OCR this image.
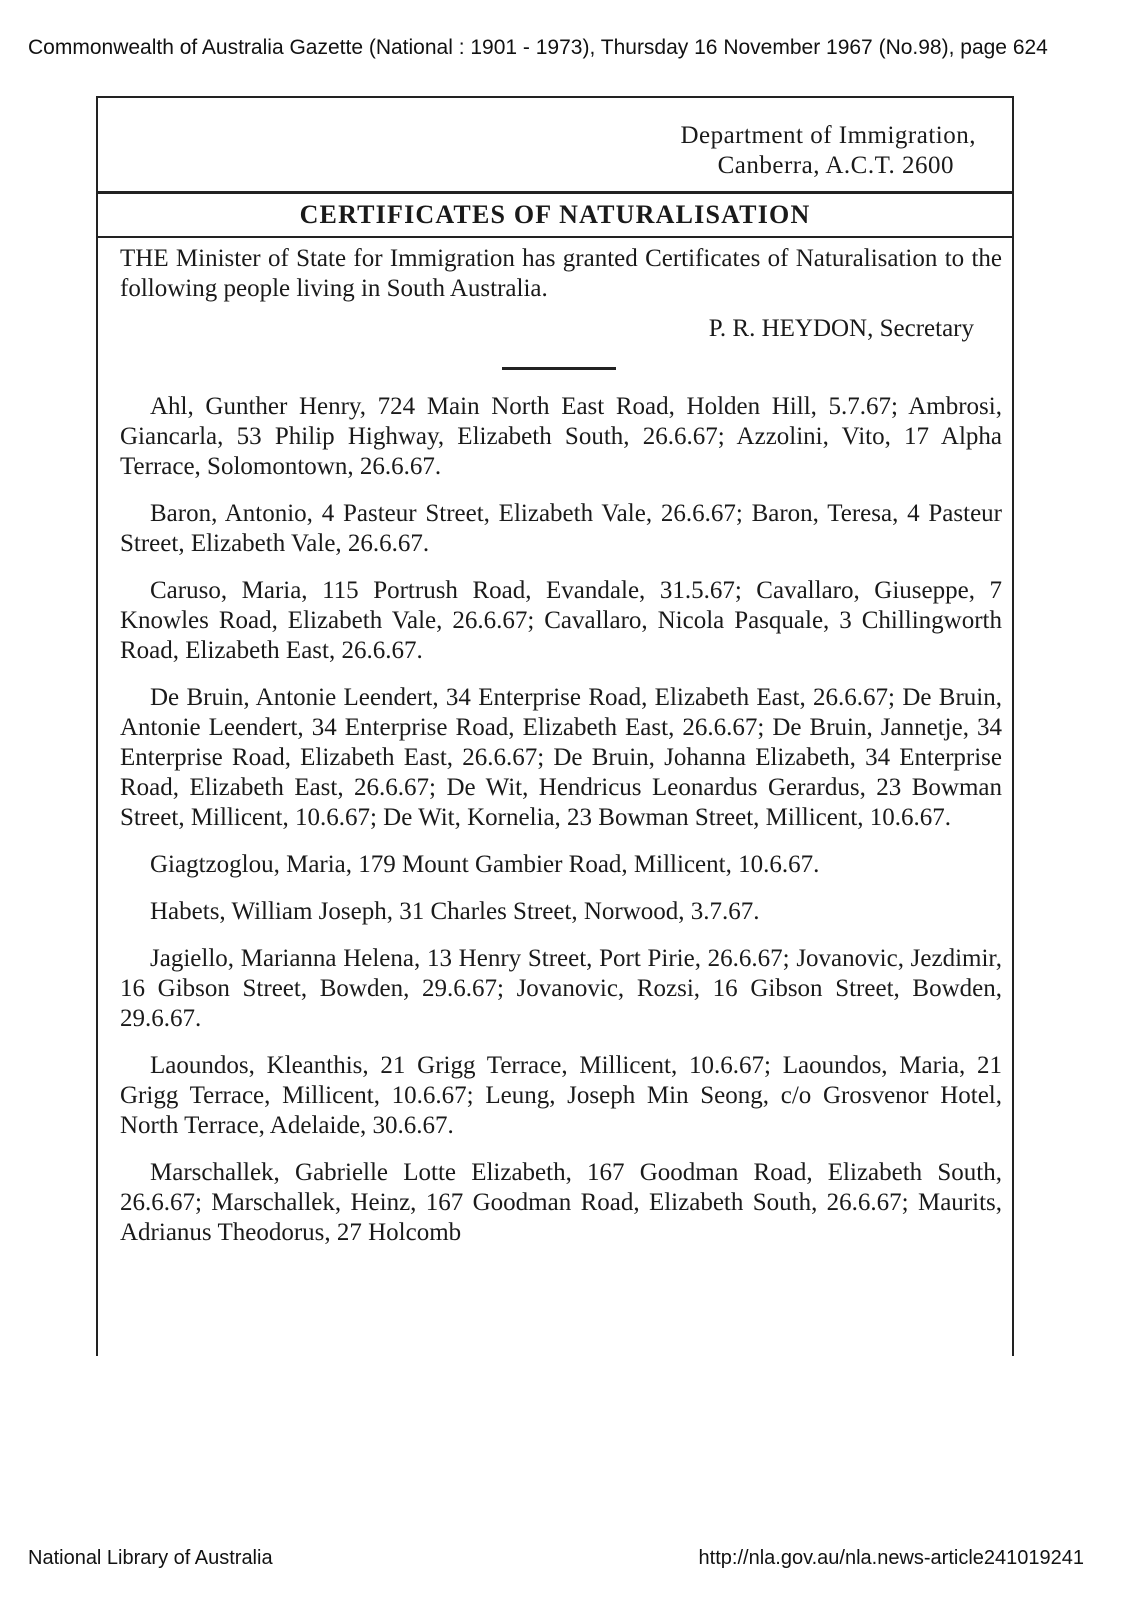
Commonwealth of Australia Gazette (National : 1901 - 1973), Thursday 16 November 1967 (No.98), page 624
Department of Immigration,
Canberra, A.C.T. 2600
CERTIFICATES OF NATURALISATION

THE Minister of State for Immigration has granted Certificates of Naturalisation to the following people living in South Australia.

P. R. HEYDON, Secretary

Ahl, Gunther Henry, 724 Main North East Road, Holden Hill, 5.7.67; Ambrosi, Giancarla, 53 Philip Highway, Elizabeth South, 26.6.67; Azzolini, Vito, 17 Alpha Terrace, Solomontown, 26.6.67.

Baron, Antonio, 4 Pasteur Street, Elizabeth Vale, 26.6.67; Baron, Teresa, 4 Pasteur Street, Elizabeth Vale, 26.6.67.

Caruso, Maria, 115 Portrush Road, Evandale, 31.5.67; Cavallaro, Giuseppe, 7 Knowles Road, Elizabeth Vale, 26.6.67; Cavallaro, Nicola Pasquale, 3 Chillingworth Road, Elizabeth East, 26.6.67.

De Bruin, Antonie Leendert, 34 Enterprise Road, Elizabeth East, 26.6.67; De Bruin, Antonie Leendert, 34 Enterprise Road, Elizabeth East, 26.6.67; De Bruin, Jannetje, 34 Enterprise Road, Elizabeth East, 26.6.67; De Bruin, Johanna Elizabeth, 34 Enterprise Road, Elizabeth East, 26.6.67; De Wit, Hendricus Leonardus Gerardus, 23 Bowman Street, Millicent, 10.6.67; De Wit, Kornelia, 23 Bowman Street, Millicent, 10.6.67.

Giagtzoglou, Maria, 179 Mount Gambier Road, Millicent, 10.6.67.

Habets, William Joseph, 31 Charles Street, Norwood, 3.7.67.

Jagiello, Marianna Helena, 13 Henry Street, Port Pirie, 26.6.67; Jovanovic, Jezdimir, 16 Gibson Street, Bowden, 29.6.67; Jovanovic, Rozsi, 16 Gibson Street, Bowden, 29.6.67.

Laoundos, Kleanthis, 21 Grigg Terrace, Millicent, 10.6.67; Laoundos, Maria, 21 Grigg Terrace, Millicent, 10.6.67; Leung, Joseph Min Seong, c/o Grosvenor Hotel, North Terrace, Adelaide, 30.6.67.

Marschallek, Gabrielle Lotte Elizabeth, 167 Goodman Road, Elizabeth South, 26.6.67; Marschallek, Heinz, 167 Goodman Road, Elizabeth South, 26.6.67; Maurits, Adrianus Theodorus, 27 Holcomb

National Library of Australia	http://nla.gov.au/nla.news-article241019241
